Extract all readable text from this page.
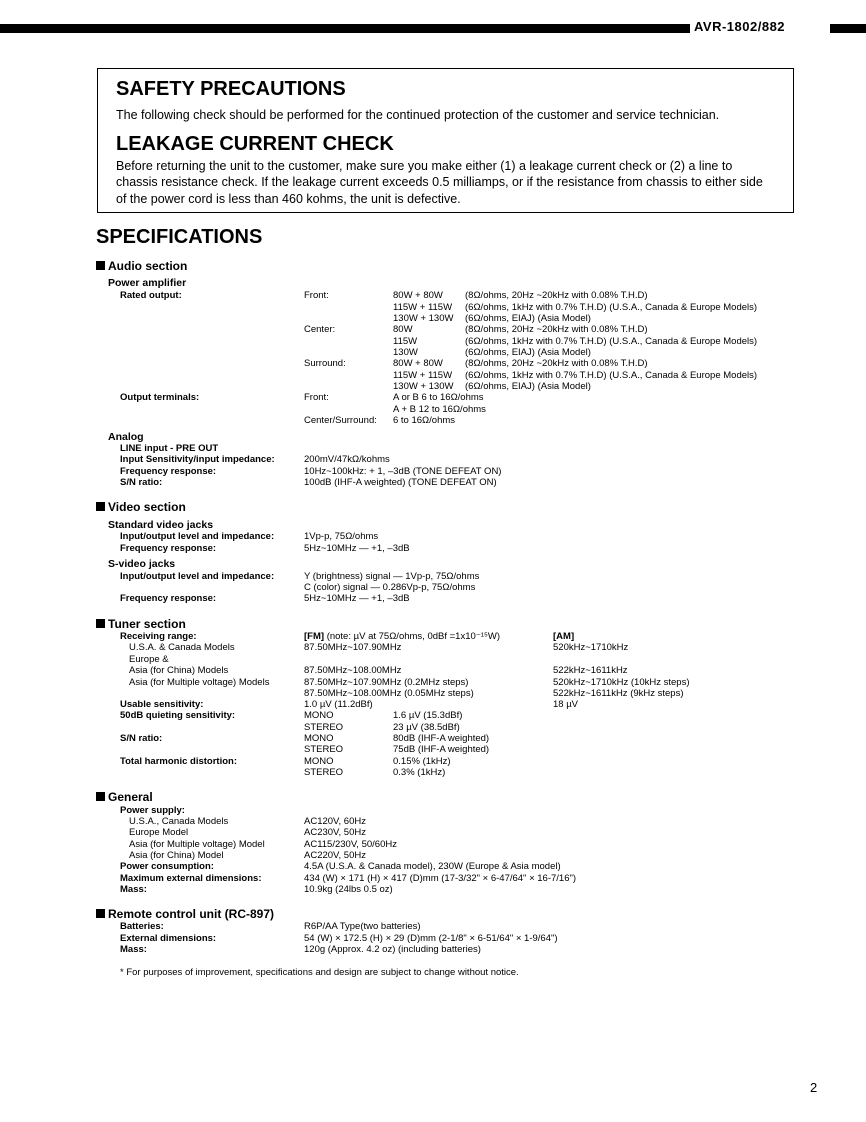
AVR-1802/882
SAFETY PRECAUTIONS

The following check should be performed for the continued protection of the customer and service technician.

LEAKAGE CURRENT CHECK

Before returning the unit to the customer, make sure you make either (1) a leakage current check or (2) a line to chassis resistance check. If the leakage current exceeds 0.5 milliamps, or if the resistance from chassis to either side of the power cord is less than 460 kohms, the unit is defective.

SPECIFICATIONS
Audio section
Power amplifier
Rated output:	Front:	80W + 80W (8Ω/ohms, 20Hz ~20kHz with 0.08% T.H.D)
115W + 115W (6Ω/ohms, 1kHz with 0.7% T.H.D) (U.S.A., Canada & Europe Models)
130W + 130W (6Ω/ohms, EIAJ) (Asia Model)
Center:	80W	(8Ω/ohms, 20Hz ~20kHz with 0.08% T.H.D)
115W	(6Ω/ohms, 1kHz with 0.7% T.H.D) (U.S.A., Canada & Europe Models)
130W	(6Ω/ohms, EIAJ) (Asia Model)
Surround:	80W + 80W (8Ω/ohms, 20Hz ~20kHz with 0.08% T.H.D)
115W + 115W (6Ω/ohms, 1kHz with 0.7% T.H.D) (U.S.A., Canada & Europe Models)
130W + 130W (6Ω/ohms, EIAJ) (Asia Model)
Output terminals:	Front:	A or B 6 to 16Ω/ohms
A + B 12 to 16Ω/ohms
Center/Surround: 6 to 16Ω/ohms
Analog
LINE input - PRE OUT
Input Sensitivity/input impedance:	200mV/47kΩ/kohms
Frequency response:	10Hz~100kHz: + 1, –3dB (TONE DEFEAT ON)
S/N ratio:	100dB (IHF-A weighted) (TONE DEFEAT ON)
Video section
Standard video jacks
Input/output level and impedance:	1Vp-p, 75Ω/ohms
Frequency response:	5Hz~10MHz — +1, –3dB
S-video jacks
Input/output level and impedance:	Y (brightness) signal — 1Vp-p, 75Ω/ohms
C (color) signal — 0.286Vp-p, 75Ω/ohms
Frequency response:	5Hz~10MHz — +1, –3dB
Tuner section
Receiving range:	[FM] (note: µV at 75Ω/ohms, 0dBf =1x10⁻¹⁵W)	[AM]
U.S.A. & Canada Models	87.50MHz~107.90MHz	520kHz~1710kHz
Europe &
Asia (for China) Models	87.50MHz~108.00MHz	522kHz~1611kHz
Asia (for Multiple voltage) Models	87.50MHz~107.90MHz (0.2MHz steps)	520kHz~1710kHz (10kHz steps)
87.50MHz~108.00MHz (0.05MHz steps)	522kHz~1611kHz (9kHz steps)
Usable sensitivity:	1.0 µV (11.2dBf)	18 µV
50dB quieting sensitivity:	MONO	1.6 µV (15.3dBf)
STEREO	23 µV (38.5dBf)
S/N ratio:	MONO	80dB (IHF-A weighted)
STEREO	75dB (IHF-A weighted)
Total harmonic distortion:	MONO	0.15% (1kHz)
STEREO	0.3% (1kHz)
General
Power supply:
U.S.A., Canada Models	AC120V, 60Hz
Europe Model	AC230V, 50Hz
Asia (for Multiple voltage) Model	AC115/230V, 50/60Hz
Asia (for China) Model	AC220V, 50Hz
Power consumption:	4.5A (U.S.A. & Canada model), 230W (Europe & Asia model)
Maximum external dimensions:	434 (W) × 171 (H) × 417 (D)mm (17-3/32" × 6-47/64" × 16-7/16")
Mass:	10.9kg (24lbs 0.5 oz)
Remote control unit (RC-897)
Batteries:	R6P/AA Type(two batteries)
External dimensions:	54 (W) × 172.5 (H) × 29 (D)mm (2-1/8" × 6-51/64" × 1-9/64")
Mass:	120g (Approx. 4.2 oz) (including batteries)
* For purposes of improvement, specifications and design are subject to change without notice.
2
